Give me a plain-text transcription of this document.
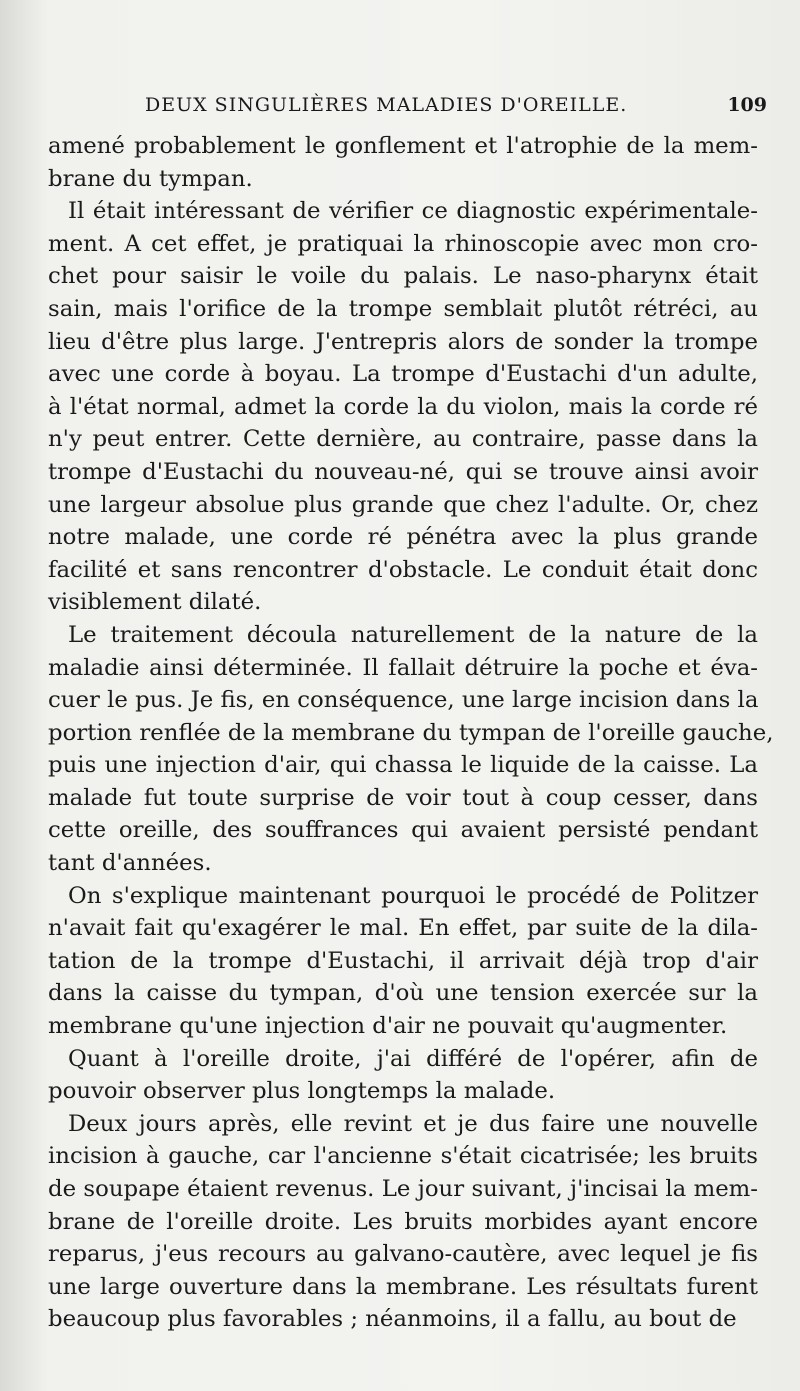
DEUX SINGULIÈRES MALADIES D'OREILLE.	109
amené probablement le gonflement et l'atrophie de la mem-
brane du tympan.
Il était intéressant de vérifier ce diagnostic expérimentale-
ment. A cet effet, je pratiquai la rhinoscopie avec mon cro-
chet pour saisir le voile du palais. Le naso-pharynx était
sain, mais l'orifice de la trompe semblait plutôt rétréci, au
lieu d'être plus large. J'entrepris alors de sonder la trompe
avec une corde à boyau. La trompe d'Eustachi d'un adulte,
à l'état normal, admet la corde la du violon, mais la corde ré
n'y peut entrer. Cette dernière, au contraire, passe dans la
trompe d'Eustachi du nouveau-né, qui se trouve ainsi avoir
une largeur absolue plus grande que chez l'adulte. Or, chez
notre malade, une corde ré pénétra avec la plus grande
facilité et sans rencontrer d'obstacle. Le conduit était donc
visiblement dilaté.
Le traitement découla naturellement de la nature de la
maladie ainsi déterminée. Il fallait détruire la poche et éva-
cuer le pus. Je fis, en conséquence, une large incision dans la
portion renflée de la membrane du tympan de l'oreille gauche,
puis une injection d'air, qui chassa le liquide de la caisse. La
malade fut toute surprise de voir tout à coup cesser, dans
cette oreille, des souffrances qui avaient persisté pendant
tant d'années.
On s'explique maintenant pourquoi le procédé de Politzer
n'avait fait qu'exagérer le mal. En effet, par suite de la dila-
tation de la trompe d'Eustachi, il arrivait déjà trop d'air
dans la caisse du tympan, d'où une tension exercée sur la
membrane qu'une injection d'air ne pouvait qu'augmenter.
Quant à l'oreille droite, j'ai différé de l'opérer, afin de
pouvoir observer plus longtemps la malade.
Deux jours après, elle revint et je dus faire une nouvelle
incision à gauche, car l'ancienne s'était cicatrisée; les bruits
de soupape étaient revenus. Le jour suivant, j'incisai la mem-
brane de l'oreille droite. Les bruits morbides ayant encore
reparus, j'eus recours au galvano-cautère, avec lequel je fis
une large ouverture dans la membrane. Les résultats furent
beaucoup plus favorables ; néanmoins, il a fallu, au bout de
